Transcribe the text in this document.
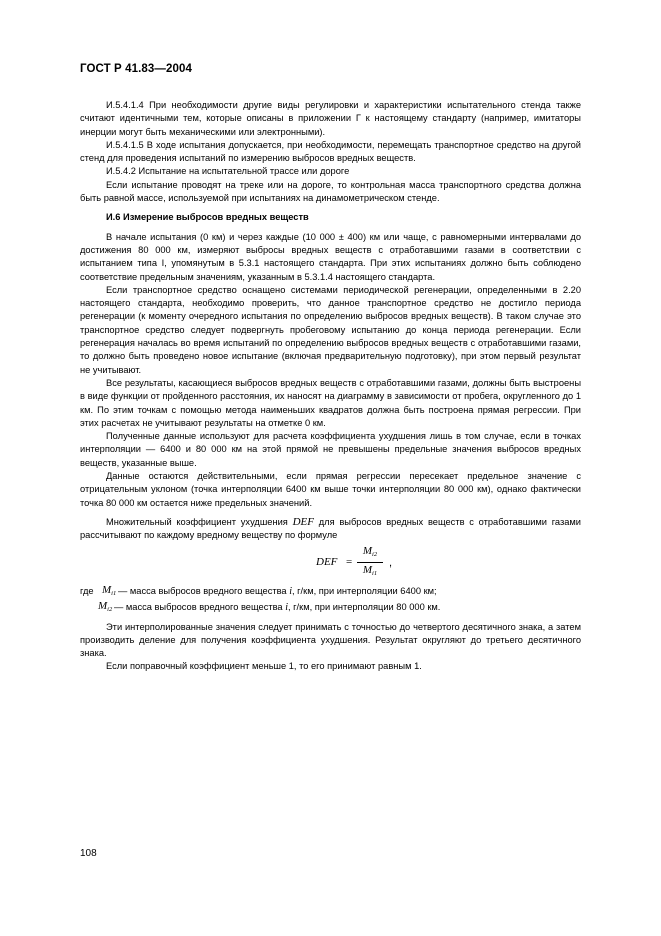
ГОСТ Р 41.83—2004

И.5.4.1.4 При необходимости другие виды регулировки и характеристики испытательного стенда также считают идентичными тем, которые описаны в приложении Г к настоящему стандарту (например, имитаторы инерции могут быть механическими или электронными).

И.5.4.1.5 В ходе испытания допускается, при необходимости, перемещать транспортное средство на другой стенд для проведения испытаний по измерению выбросов вредных веществ.

И.5.4.2 Испытание на испытательной трассе или дороге

Если испытание проводят на треке или на дороге, то контрольная масса транспортного средства должна быть равной массе, используемой при испытаниях на динамометрическом стенде.

И.6 Измерение выбросов вредных веществ

В начале испытания (0 км) и через каждые (10 000 ± 400) км или чаще, с равномерными интервалами до достижения 80 000 км, измеряют выбросы вредных веществ с отработавшими газами в соответствии с испытанием типа I, упомянутым в 5.3.1 настоящего стандарта. При этих испытаниях должно быть соблюдено соответствие предельным значениям, указанным в 5.3.1.4 настоящего стандарта.

Если транспортное средство оснащено системами периодической регенерации, определенными в 2.20 настоящего стандарта, необходимо проверить, что данное транспортное средство не достигло периода регенерации (к моменту очередного испытания по определению выбросов вредных веществ). В таком случае это транспортное средство следует подвергнуть пробеговому испытанию до конца периода регенерации. Если регенерация началась во время испытаний по определению выбросов вредных веществ с отработавшими газами, то должно быть проведено новое испытание (включая предварительную подготовку), при этом первый результат не учитывают.

Все результаты, касающиеся выбросов вредных веществ с отработавшими газами, должны быть выстроены в виде функции от пройденного расстояния, их наносят на диаграмму в зависимости от пробега, округленного до 1 км. По этим точкам с помощью метода наименьших квадратов должна быть построена прямая регрессии. При этих расчетах не учитывают результаты на отметке 0 км.

Полученные данные используют для расчета коэффициента ухудшения лишь в том случае, если в точках интерполяции — 6400 и 80 000 км на этой прямой не превышены предельные значения выбросов вредных веществ, указанные выше.

Данные остаются действительными, если прямая регрессии пересекает предельное значение с отрицательным уклоном (точка интерполяции 6400 км выше точки интерполяции 80 000 км), однако фактически точка 80 000 км остается ниже предельных значений.

Множительный коэффициент ухудшения DEF для выбросов вредных веществ с отработавшими газами рассчитывают по каждому вредному веществу по формуле

DEF =
$M_{i2}$
$M_{i1}$
,
где $M_{i1}$ — масса выбросов вредного вещества i, г/км, при интерполяции 6400 км;
$M_{i2}$ — масса выбросов вредного вещества i, г/км, при интерполяции 80 000 км.

Эти интерполированные значения следует принимать с точностью до четвертого десятичного знака, а затем производить деление для получения коэффициента ухудшения. Результат округляют до третьего десятичного знака.

Если поправочный коэффициент меньше 1, то его принимают равным 1.

108
